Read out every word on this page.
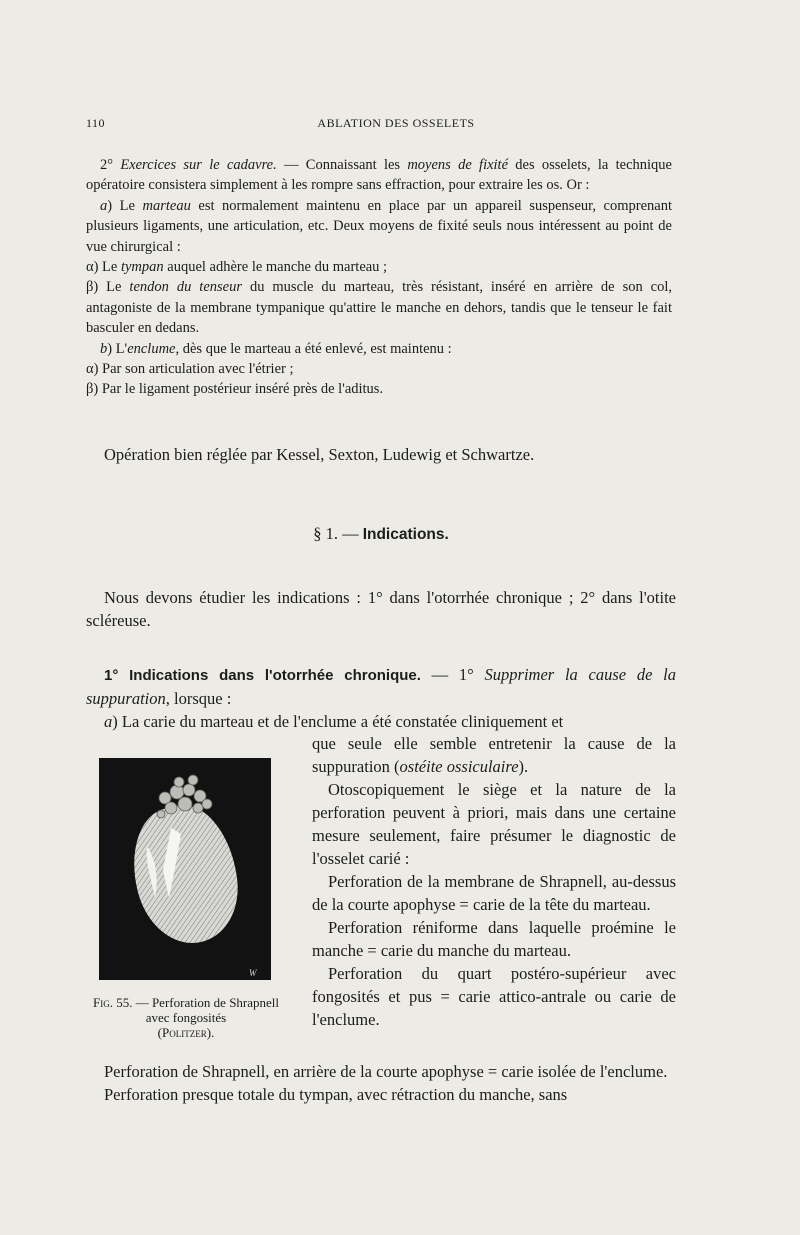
110	ABLATION DES OSSELETS

2° Exercices sur le cadavre. — Connaissant les moyens de fixité des osselets, la technique opératoire consistera simplement à les rompre sans effraction, pour extraire les os. Or :

a) Le marteau est normalement maintenu en place par un appareil suspenseur, comprenant plusieurs ligaments, une articulation, etc. Deux moyens de fixité seuls nous intéressent au point de vue chirurgical :

α) Le tympan auquel adhère le manche du marteau ;

β) Le tendon du tenseur du muscle du marteau, très résistant, inséré en arrière de son col, antagoniste de la membrane tympanique qu'attire le manche en dehors, tandis que le tenseur le fait basculer en dedans.

b) L'enclume, dès que le marteau a été enlevé, est maintenu :

α) Par son articulation avec l'étrier ;

β) Par le ligament postérieur inséré près de l'aditus.

Opération bien réglée par Kessel, Sexton, Ludewig et Schwartze.

§ 1. — Indications.

Nous devons étudier les indications : 1° dans l'otorrhée chronique ; 2° dans l'otite scléreuse.

1° Indications dans l'otorrhée chronique. — 1° Supprimer la cause de la suppuration, lorsque :

a) La carie du marteau et de l'enclume a été constatée cliniquement et

W
Fig. 55. — Perforation de Shrapnell avec fongosités
(Politzer).

que seule elle semble entretenir la cause de la suppuration (ostéite ossiculaire).

Otoscopiquement le siège et la nature de la perforation peuvent à priori, mais dans une certaine mesure seulement, faire présumer le diagnostic de l'osselet carié :

Perforation de la membrane de Shrapnell, au-dessus de la courte apophyse = carie de la tête du marteau.

Perforation réniforme dans laquelle proémine le manche = carie du manche du marteau.

Perforation du quart postéro-supérieur avec fongosités et pus = carie attico-antrale ou carie de l'enclume.

Perforation de Shrapnell, en arrière de la courte apophyse = carie isolée de l'enclume.

Perforation presque totale du tympan, avec rétraction du manche, sans
